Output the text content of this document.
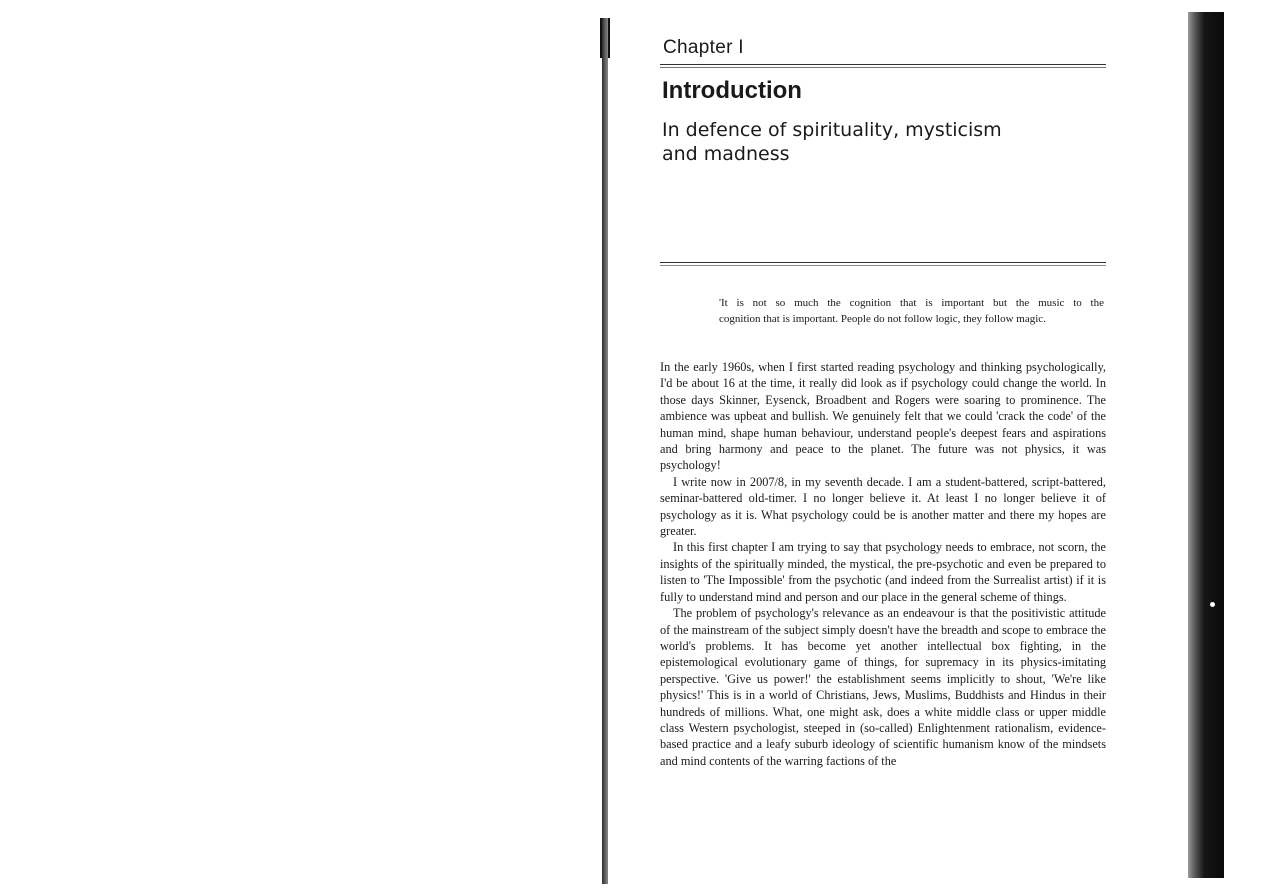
Chapter I
Introduction
In defence of spirituality, mysticism and madness
'It is not so much the cognition that is important but the music to the
cognition that is important. People do not follow logic, they follow magic.

In the early 1960s, when I first started reading psychology and thinking psychologically, I'd be about 16 at the time, it really did look as if psychology could change the world. In those days Skinner, Eysenck, Broadbent and Rogers were soaring to prominence. The ambience was upbeat and bullish. We genuinely felt that we could 'crack the code' of the human mind, shape human behaviour, understand people's deepest fears and aspirations and bring harmony and peace to the planet. The future was not physics, it was psychology!

I write now in 2007/8, in my seventh decade. I am a student-battered, script-battered, seminar-battered old-timer. I no longer believe it. At least I no longer believe it of psychology as it is. What psychology could be is another matter and there my hopes are greater.

In this first chapter I am trying to say that psychology needs to embrace, not scorn, the insights of the spiritually minded, the mystical, the pre-psychotic and even be prepared to listen to 'The Impossible' from the psychotic (and indeed from the Surrealist artist) if it is fully to understand mind and person and our place in the general scheme of things.

The problem of psychology's relevance as an endeavour is that the positivistic attitude of the mainstream of the subject simply doesn't have the breadth and scope to embrace the world's problems. It has become yet another intellectual box fighting, in the epistemological evolutionary game of things, for supremacy in its physics-imitating perspective. 'Give us power!' the establishment seems implicitly to shout, 'We're like physics!' This is in a world of Christians, Jews, Muslims, Buddhists and Hindus in their hundreds of millions. What, one might ask, does a white middle class or upper middle class Western psychologist, steeped in (so-called) Enlightenment rationalism, evidence-based practice and a leafy suburb ideology of scientific humanism know of the mindsets and mind contents of the warring factions of the
